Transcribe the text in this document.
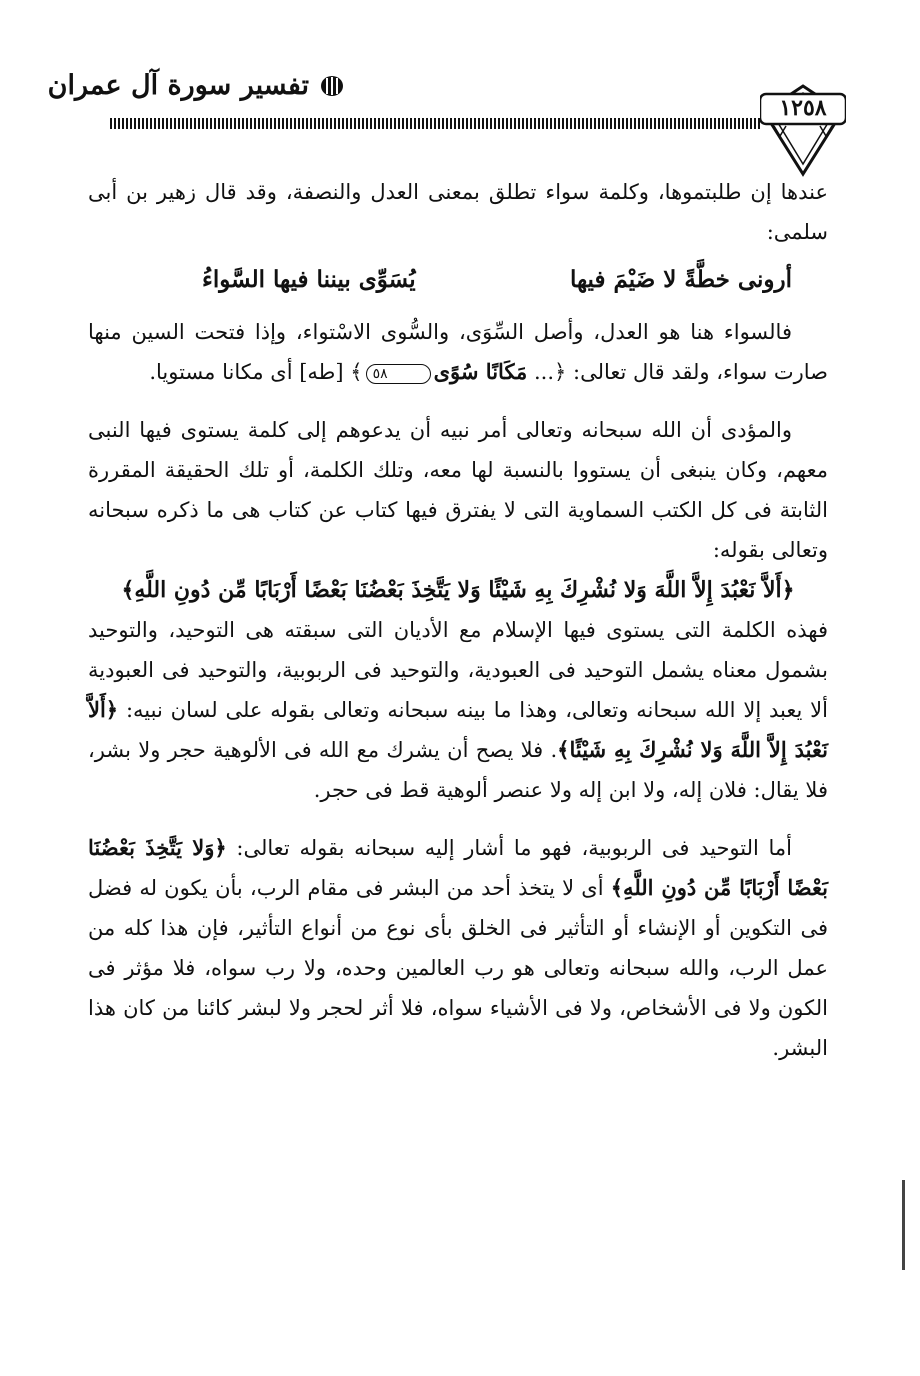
تفسير سورة آل عمران
١٢٥٨

عندها إن طلبتموها، وكلمة سواء تطلق بمعنى العدل والنصفة، وقد قال زهير بن أبى سلمى:

أرونى خطَّةً لا ضَيْمَ فيها
يُسَوِّى بيننا فيها السَّواءُ

فالسواء هنا هو العدل، وأصل السِّوَى، والسُّوى الاسْتواء، وإذا فتحت السين منها صارت سواء، ولقد قال تعالى: ﴿... مَكَانًا سُوًى٥٨﴾ [طه] أى مكانا مستويا.

والمؤدى أن الله سبحانه وتعالى أمر نبيه أن يدعوهم إلى كلمة يستوى فيها النبى معهم، وكان ينبغى أن يستووا بالنسبة لها معه، وتلك الكلمة، أو تلك الحقيقة المقررة الثابتة فى كل الكتب السماوية التى لا يفترق فيها كتاب عن كتاب هى ما ذكره سبحانه وتعالى بقوله:

﴿أَلاَّ نَعْبُدَ إِلاَّ اللَّهَ وَلا نُشْرِكَ بِهِ شَيْئًا وَلا يَتَّخِذَ بَعْضُنَا بَعْضًا أَرْبَابًا مِّن دُونِ اللَّهِ﴾

فهذه الكلمة التى يستوى فيها الإسلام مع الأديان التى سبقته هى التوحيد، والتوحيد بشمول معناه يشمل التوحيد فى العبودية، والتوحيد فى الربوبية، والتوحيد فى العبودية ألا يعبد إلا الله سبحانه وتعالى، وهذا ما بينه سبحانه وتعالى بقوله على لسان نبيه: ﴿أَلاَّ نَعْبُدَ إِلاَّ اللَّهَ وَلا نُشْرِكَ بِهِ شَيْئًا﴾. فلا يصح أن يشرك مع الله فى الألوهية حجر ولا بشر، فلا يقال: فلان إله، ولا ابن إله ولا عنصر ألوهية قط فى حجر.

أما التوحيد فى الربوبية، فهو ما أشار إليه سبحانه بقوله تعالى: ﴿وَلا يَتَّخِذَ بَعْضُنَا بَعْضًا أَرْبَابًا مِّن دُونِ اللَّهِ﴾ أى لا يتخذ أحد من البشر فى مقام الرب، بأن يكون له فضل فى التكوين أو الإنشاء أو التأثير فى الخلق بأى نوع من أنواع التأثير، فإن هذا كله من عمل الرب، والله سبحانه وتعالى هو رب العالمين وحده، ولا رب سواه، فلا مؤثر فى الكون ولا فى الأشخاص، ولا فى الأشياء سواه، فلا أثر لحجر ولا لبشر كائنا من كان هذا البشر.
